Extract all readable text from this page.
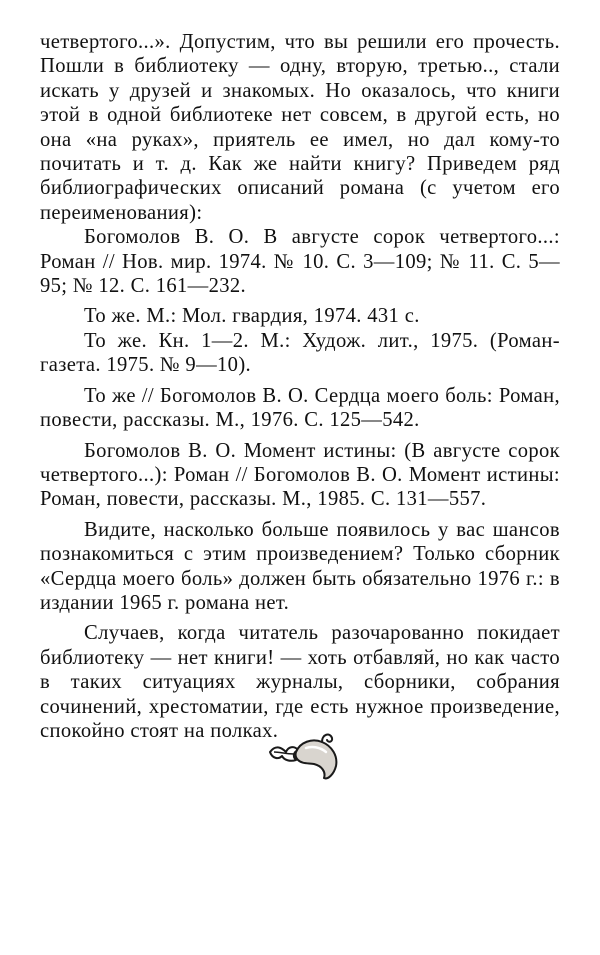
четвертого...». Допустим, что вы решили его прочесть. Пошли в библиотеку — одну, вторую, третью.., стали искать у друзей и знакомых. Но оказалось, что книги этой в одной библиотеке нет совсем, в другой есть, но она «на руках», приятель ее имел, но дал кому-то почитать и т. д. Как же найти книгу? Приведем ряд библиографических описаний романа (с учетом его переименования):

Богомолов В. О. В августе сорок четвертого...: Роман // Нов. мир. 1974. № 10. С. 3—109; № 11. С. 5—95; № 12. С. 161—232.

То же. М.: Мол. гвардия, 1974. 431 с.

То же. Кн. 1—2. М.: Худож. лит., 1975. (Роман-газета. 1975. № 9—10).

То же // Богомолов В. О. Сердца моего боль: Роман, повести, рассказы. М., 1976. С. 125—542.

Богомолов В. О. Момент истины: (В августе сорок четвертого...): Роман // Богомолов В. О. Момент истины: Роман, повести, рассказы. М., 1985. С. 131—557.

Видите, насколько больше появилось у вас шансов познакомиться с этим произведением? Только сборник «Сердца моего боль» должен быть обязательно 1976 г.: в издании 1965 г. романа нет.

Случаев, когда читатель разочарованно покидает библиотеку — нет книги! — хоть отбавляй, но как часто в таких ситуациях журналы, сборники, собрания сочинений, хрестоматии, где есть нужное произведение, спокойно стоят на полках.
